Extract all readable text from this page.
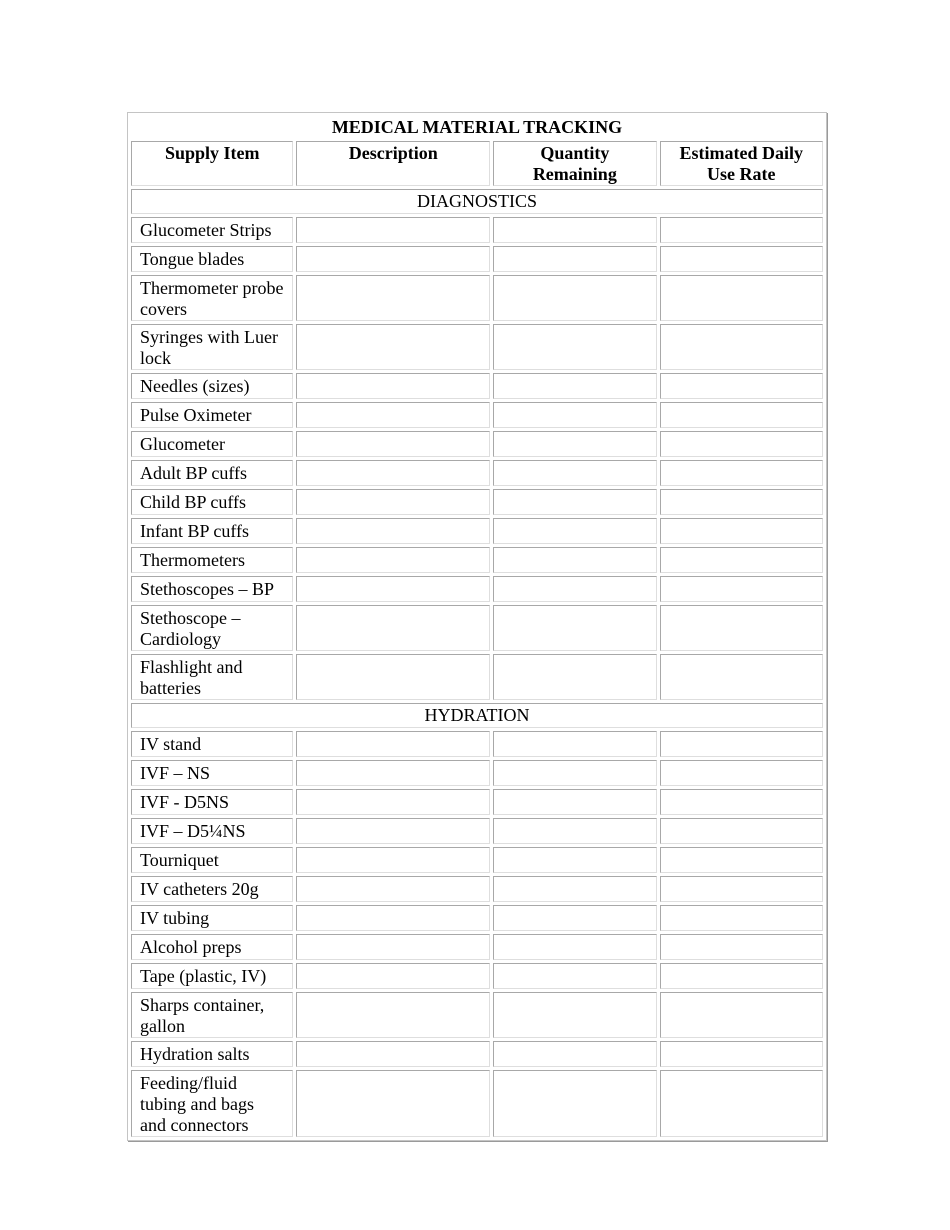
MEDICAL MATERIAL TRACKING
Supply Item	Description	Quantity Remaining	Estimated Daily Use Rate
DIAGNOSTICS			
Glucometer Strips			
Tongue blades			
Thermometer probe covers			
Syringes with Luer lock			
Needles (sizes)			
Pulse Oximeter			
Glucometer			
Adult BP cuffs			
Child BP cuffs			
Infant BP cuffs			
Thermometers			
Stethoscopes – BP			
Stethoscope – Cardiology			
Flashlight and batteries			
HYDRATION			
IV stand			
IVF – NS			
IVF - D5NS			
IVF – D5¼NS			
Tourniquet			
IV catheters 20g			
IV tubing			
Alcohol preps			
Tape (plastic, IV)			
Sharps container, gallon			
Hydration salts			
Feeding/fluid tubing and bags and connectors			
